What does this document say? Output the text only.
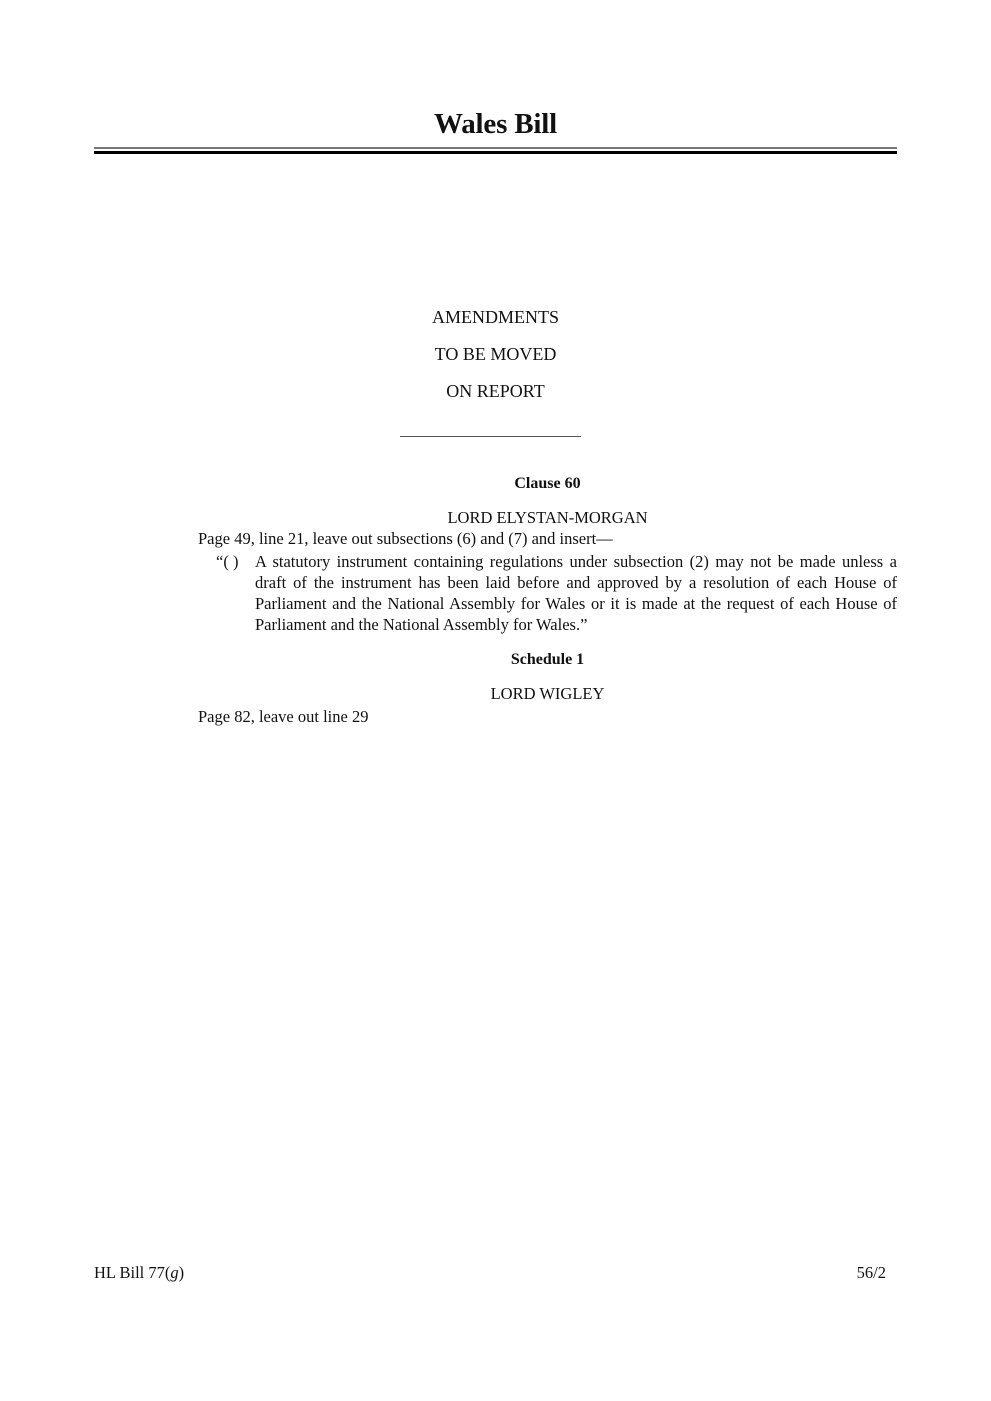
Wales Bill
AMENDMENTS
TO BE MOVED
ON REPORT
Clause 60
LORD ELYSTAN-MORGAN
Page 49, line 21, leave out subsections (6) and (7) and insert—
“( ) A statutory instrument containing regulations under subsection (2) may not be made unless a draft of the instrument has been laid before and approved by a resolution of each House of Parliament and the National Assembly for Wales or it is made at the request of each House of Parliament and the National Assembly for Wales.”
Schedule 1
LORD WIGLEY
Page 82, leave out line 29
HL Bill 77(g)	56/2
